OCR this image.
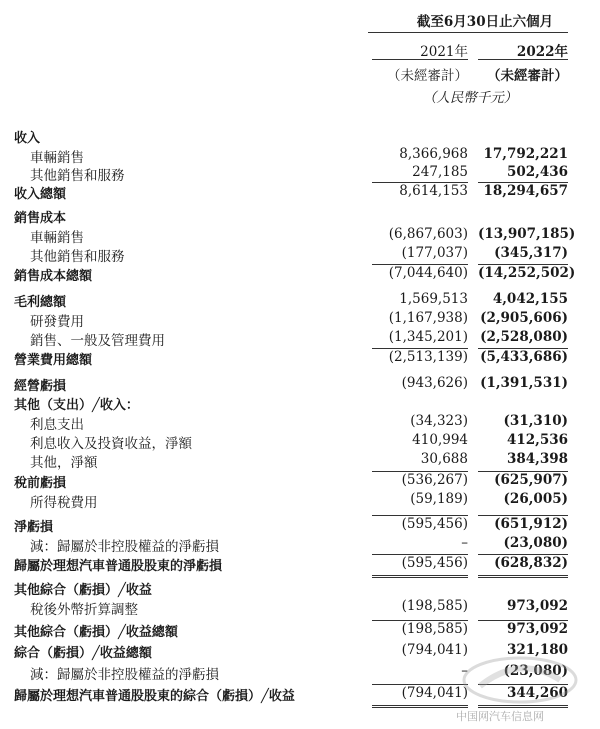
截至6月30日止六個月
2021年	2022年
（未經審計）	（未經審計）
（人民幣千元）
收入
車輛銷售	8,366,968	17,792,221
其他銷售和服務	247,185	502,436
收入總額	8,614,153	18,294,657
銷售成本
車輛銷售	(6,867,603) (13,907,185)
其他銷售和服務	(177,037)	(345,317)
銷售成本總額	(7,044,640) (14,252,502)
毛利總額	1,569,513	4,042,155
研發費用	(1,167,938) (2,905,606)
銷售、一般及管理費用	(1,345,201) (2,528,080)
營業費用總額	(2,513,139) (5,433,686)
經營虧損	(943,626) (1,391,531)
其他（支出）╱收入：
利息支出	(34,323)	(31,310)
利息收入及投資收益，淨額	410,994	412,536
其他，淨額	30,688	384,398
稅前虧損	(536,267)	(625,907)
所得稅費用	(59,189)	(26,005)
淨虧損	(595,456)	(651,912)
減：歸屬於非控股權益的淨虧損	–	(23,080)
歸屬於理想汽車普通股股東的淨虧損	(595,456)	(628,832)
其他綜合（虧損）╱收益
稅後外幣折算調整	(198,585)	973,092
其他綜合（虧損）╱收益總額	(198,585)	973,092
綜合（虧損）╱收益總額	(794,041)	321,180
減：歸屬於非控股權益的淨虧損	–	(23,080)
歸屬於理想汽車普通股股東的綜合（虧損）╱收益	(794,041)	344,260
中国网汽车信息网
